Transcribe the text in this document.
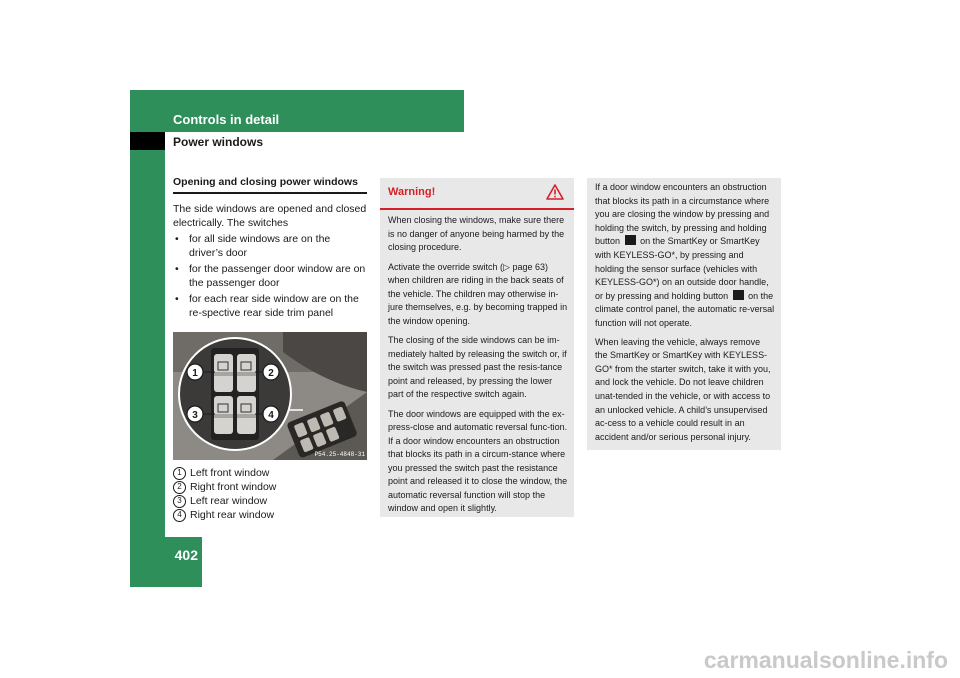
Controls in detail
Power windows
402
Opening and closing power windows

The side windows are opened and closed electrically. The switches

• for all side windows are on the driver’s door
• for the passenger door window are on the passenger door
• for each rear side window are on the re-spective rear side trim panel
1	2
3	4
P54.25-4848-31
1 Left front window
2 Right front window
3 Left rear window
4 Right rear window
Warning!

When closing the windows, make sure there is no danger of anyone being harmed by the closing procedure.

Activate the override switch (▷ page 63) when children are riding in the back seats of the vehicle. The children may otherwise in-jure themselves, e.g. by becoming trapped in the window opening.

The closing of the side windows can be im-mediately halted by releasing the switch or, if the switch was pressed past the resis-tance point and released, by pressing the lower part of the respective switch again.

The door windows are equipped with the ex-press-close and automatic reversal func-tion. If a door window encounters an obstruction that blocks its path in a circum-stance where you pressed the switch past the resistance point and released it to close the window, the automatic reversal function will stop the window and open it slightly.

If a door window encounters an obstruction that blocks its path in a circumstance where you are closing the window by pressing and holding the switch, by pressing and holding button on the SmartKey or SmartKey with KEYLESS-GO*, by pressing and holding the sensor surface (vehicles with KEYLESS-GO*) on an outside door handle, or by pressing and holding button on the climate control panel, the automatic re-versal function will not operate.

When leaving the vehicle, always remove the SmartKey or SmartKey with KEYLESS-GO* from the starter switch, take it with you, and lock the vehicle. Do not leave children unat-tended in the vehicle, or with access to an unlocked vehicle. A child’s unsupervised ac-cess to a vehicle could result in an accident and/or serious personal injury.

carmanualsonline.info
